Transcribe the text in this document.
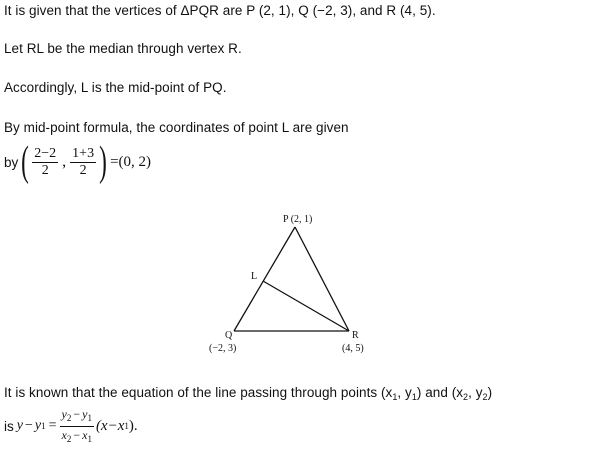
It is given that the vertices of ΔPQR are P (2, 1), Q (−2, 3), and R (4, 5).
Let RL be the median through vertex R.
Accordingly, L is the mid-point of PQ.
By mid-point formula, the coordinates of point L are given
by ( $\frac{2-2}{2}$ , $\frac{1+3}{2}$ ) =(0, 2)
P (2, 1)
L
Q
(−2, 3)
R
(4, 5)
It is known that the equation of the line passing through points ($x_1$, $y_1$) and ($x_2$, $y_2$)
is y − y $1 = \frac{y_2 - y_1}{x_2 - x_1} (x-x$ 1 ).
